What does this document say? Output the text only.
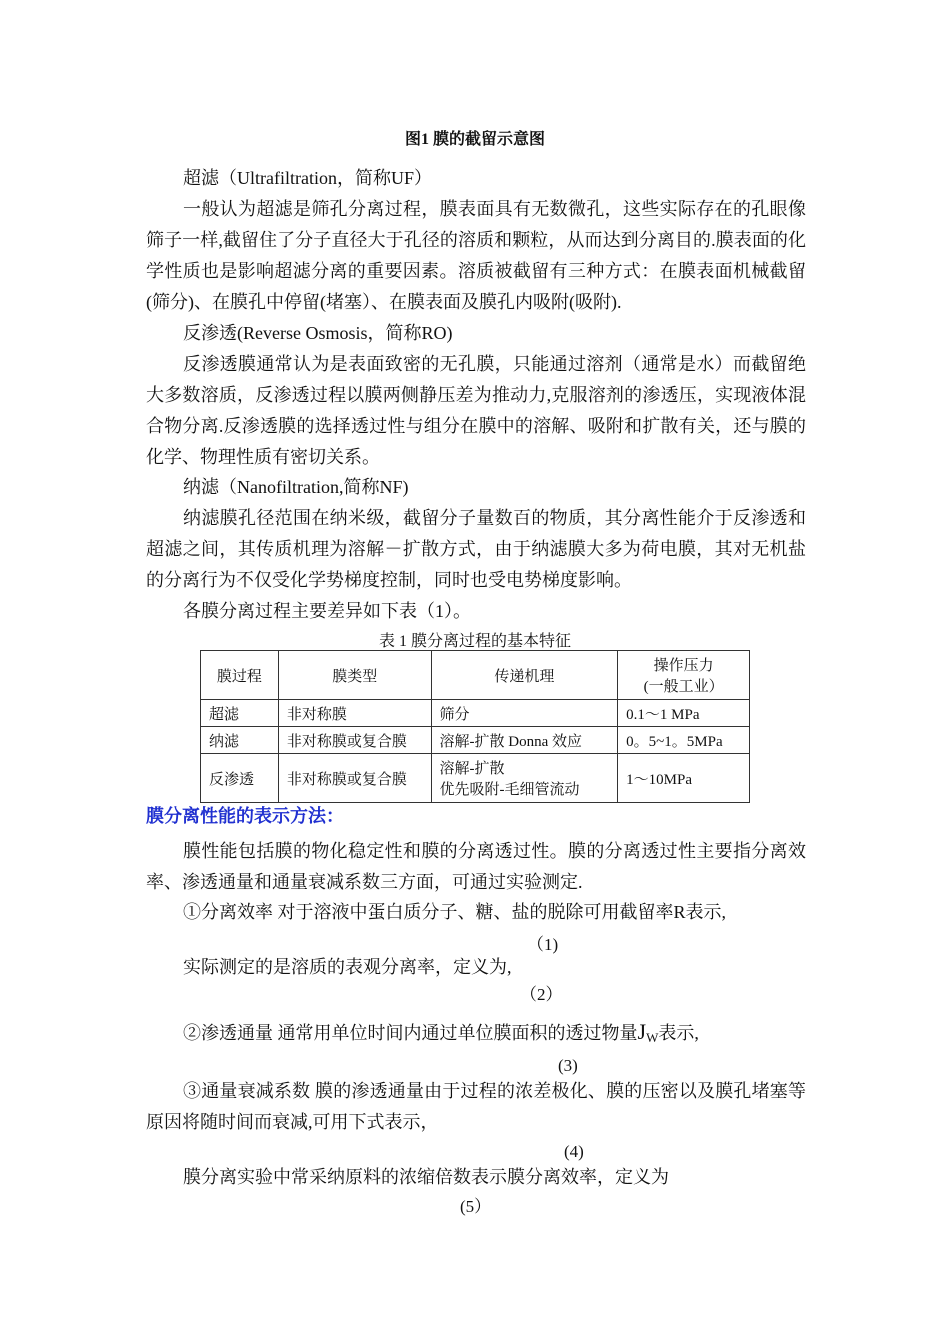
图1 膜的截留示意图
超滤（Ultrafiltration，简称UF）
一般认为超滤是筛孔分离过程，膜表面具有无数微孔，这些实际存在的孔眼像筛子一样,截留住了分子直径大于孔径的溶质和颗粒，从而达到分离目的.膜表面的化学性质也是影响超滤分离的重要因素。溶质被截留有三种方式：在膜表面机械截留(筛分)、在膜孔中停留(堵塞）、在膜表面及膜孔内吸附(吸附).
反渗透(Reverse Osmosis，简称RO)
反渗透膜通常认为是表面致密的无孔膜，只能通过溶剂（通常是水）而截留绝大多数溶质，反渗透过程以膜两侧静压差为推动力,克服溶剂的渗透压，实现液体混合物分离.反渗透膜的选择透过性与组分在膜中的溶解、吸附和扩散有关，还与膜的化学、物理性质有密切关系。
纳滤（Nanofiltration,简称NF)
纳滤膜孔径范围在纳米级，截留分子量数百的物质，其分离性能介于反渗透和超滤之间，其传质机理为溶解－扩散方式，由于纳滤膜大多为荷电膜，其对无机盐的分离行为不仅受化学势梯度控制，同时也受电势梯度影响。
各膜分离过程主要差异如下表（1）。
表 1 膜分离过程的基本特征
膜过程	膜类型	传递机理	操作压力
(一般工业）

超滤	非对称膜	筛分	0.1～1 MPa
纳滤	非对称膜或复合膜	溶解-扩散 Donna 效应	0。5~1。5MPa
反渗透	非对称膜或复合膜	溶解-扩散
优先吸附-毛细管流动	1～10MPa
膜分离性能的表示方法：
膜性能包括膜的物化稳定性和膜的分离透过性。膜的分离透过性主要指分离效率、渗透通量和通量衰减系数三方面，可通过实验测定.
①分离效率 对于溶液中蛋白质分子、糖、盐的脱除可用截留率R表示,
（1)
实际测定的是溶质的表观分离率，定义为,
（2）
②渗透通量 通常用单位时间内通过单位膜面积的透过物量$J_W$表示,
(3)
③通量衰减系数 膜的渗透通量由于过程的浓差极化、膜的压密以及膜孔堵塞等原因将随时间而衰减,可用下式表示，
(4)
膜分离实验中常采纳原料的浓缩倍数表示膜分离效率，定义为
(5）
